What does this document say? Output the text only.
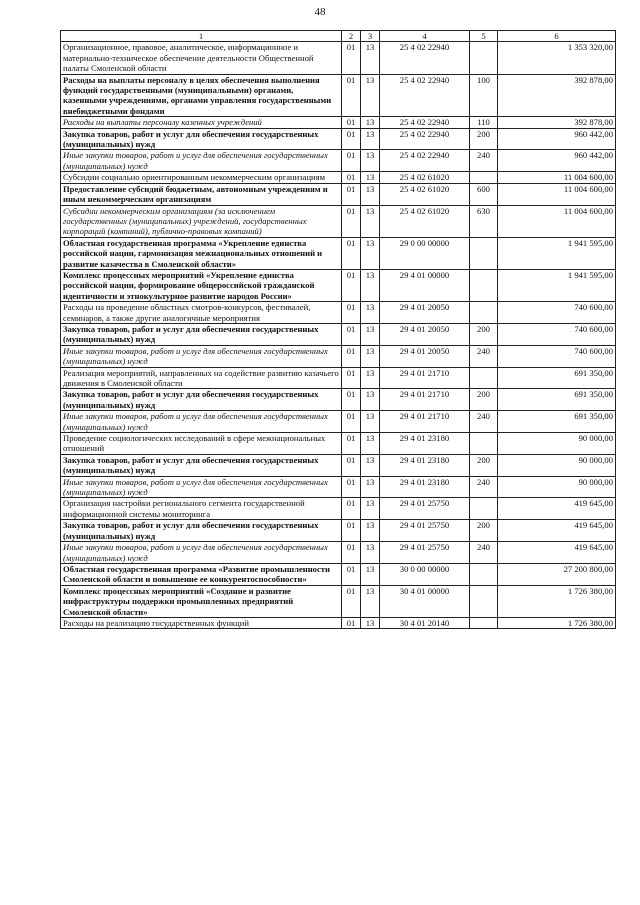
48
1	2	3	4	5	6
Организационное, правовое, аналитическое, информационное и материально-техническое обеспечение деятельности Общественной палаты Смоленской области	01	13	25 4 02 22940		1 353 320,00
Расходы на выплаты персоналу в целях обеспечения выполнения функций государственными (муниципальными) органами, казенными учреждениями, органами управления государственными внебюджетными фондами	01	13	25 4 02 22940	100	392 878,00
Расходы на выплаты персоналу казенных учреждений	01	13	25 4 02 22940	110	392 878,00
Закупка товаров, работ и услуг для обеспечения государственных (муниципальных) нужд	01	13	25 4 02 22940	200	960 442,00
Иные закупки товаров, работ и услуг для обеспечения государственных (муниципальных) нужд	01	13	25 4 02 22940	240	960 442,00
Субсидии социально ориентированным некоммерческим организациям	01	13	25 4 02 61020		11 004 600,00
Предоставление субсидий бюджетным, автономным учреждениям и иным некоммерческим организациям	01	13	25 4 02 61020	600	11 004 600,00
Субсидии некоммерческим организациям (за исключением государственных (муниципальных) учреждений, государственных корпораций (компаний), публично-правовых компаний)	01	13	25 4 02 61020	630	11 004 600,00
Областная государственная программа «Укрепление единства российской нации, гармонизация межнациональных отношений и развитие казачества в Смоленской области»	01	13	29 0 00 00000		1 941 595,00
Комплекс процессных мероприятий «Укрепление единства российской нации, формирование общероссийской гражданской идентичности и этнокультурное развитие народов России»	01	13	29 4 01 00000		1 941 595,00
Расходы на проведение областных смотров-конкурсов, фестивалей, семинаров, а также другие аналогичные мероприятия	01	13	29 4 01 20050		740 600,00
Закупка товаров, работ и услуг для обеспечения государственных (муниципальных) нужд	01	13	29 4 01 20050	200	740 600,00
Иные закупки товаров, работ и услуг для обеспечения государственных (муниципальных) нужд	01	13	29 4 01 20050	240	740 600,00
Реализация мероприятий, направленных на содействие развитию казачьего движения в Смоленской области	01	13	29 4 01 21710		691 350,00
Закупка товаров, работ и услуг для обеспечения государственных (муниципальных) нужд	01	13	29 4 01 21710	200	691 350,00
Иные закупки товаров, работ и услуг для обеспечения государственных (муниципальных) нужд	01	13	29 4 01 21710	240	691 350,00
Проведение социологических исследований в сфере межнациональных отношений	01	13	29 4 01 23180		90 000,00
Закупка товаров, работ и услуг для обеспечения государственных (муниципальных) нужд	01	13	29 4 01 23180	200	90 000,00
Иные закупки товаров, работ и услуг для обеспечения государственных (муниципальных) нужд	01	13	29 4 01 23180	240	90 000,00
Организация настройки регионального сегмента государственной информационной системы мониторинга	01	13	29 4 01 25750		419 645,00
Закупка товаров, работ и услуг для обеспечения государственных (муниципальных) нужд	01	13	29 4 01 25750	200	419 645,00
Иные закупки товаров, работ и услуг для обеспечения государственных (муниципальных) нужд	01	13	29 4 01 25750	240	419 645,00
Областная государственная программа «Развитие промышленности Смоленской области и повышение ее конкурентоспособности»	01	13	30 0 00 00000		27 200 800,00
Комплекс процессных мероприятий «Создание и развитие инфраструктуры поддержки промышленных предприятий Смоленской области»	01	13	30 4 01 00000		1 726 380,00
Расходы на реализацию государственных функций	01	13	30 4 01 20140		1 726 380,00
